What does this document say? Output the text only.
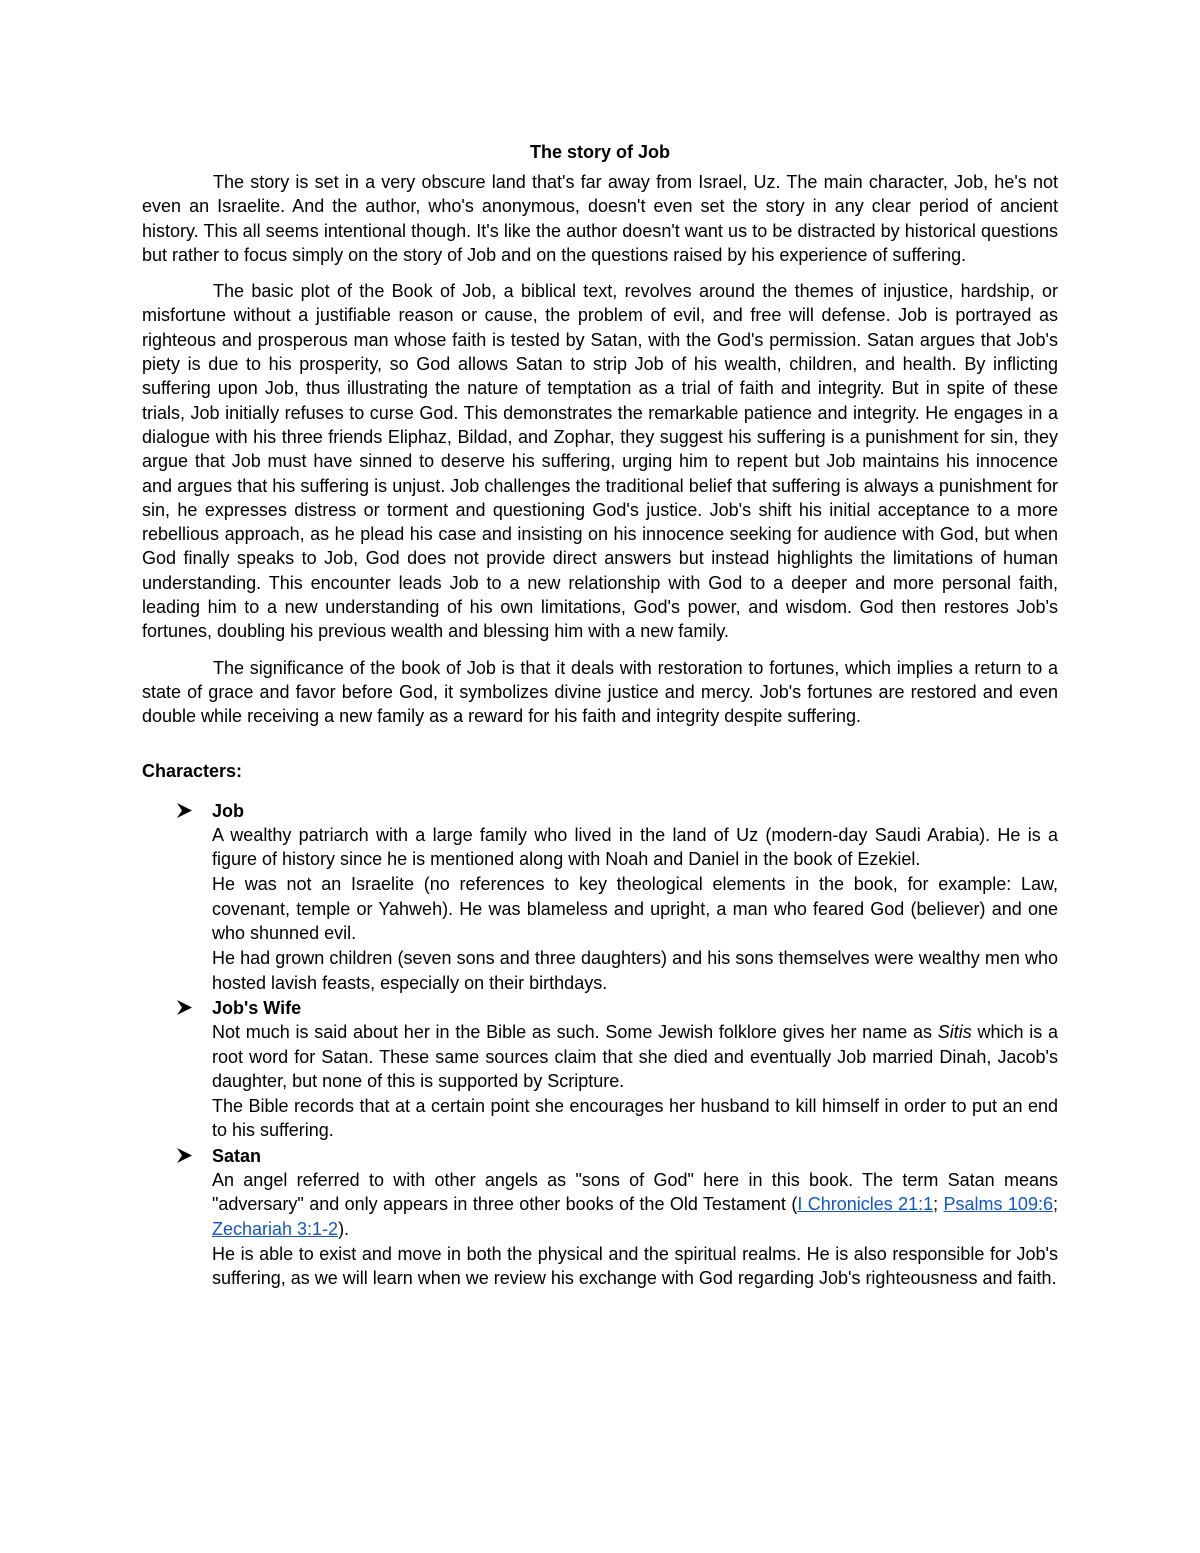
The story of Job

The story is set in a very obscure land that's far away from Israel, Uz. The main character, Job, he's not even an Israelite. And the author, who's anonymous, doesn't even set the story in any clear period of ancient history. This all seems intentional though. It's like the author doesn't want us to be distracted by historical questions but rather to focus simply on the story of Job and on the questions raised by his experience of suffering.

The basic plot of the Book of Job, a biblical text, revolves around the themes of injustice, hardship, or misfortune without a justifiable reason or cause, the problem of evil, and free will defense. Job is portrayed as righteous and prosperous man whose faith is tested by Satan, with the God's permission. Satan argues that Job's piety is due to his prosperity, so God allows Satan to strip Job of his wealth, children, and health. By inflicting suffering upon Job, thus illustrating the nature of temptation as a trial of faith and integrity. But in spite of these trials, Job initially refuses to curse God. This demonstrates the remarkable patience and integrity. He engages in a dialogue with his three friends Eliphaz, Bildad, and Zophar, they suggest his suffering is a punishment for sin, they argue that Job must have sinned to deserve his suffering, urging him to repent but Job maintains his innocence and argues that his suffering is unjust. Job challenges the traditional belief that suffering is always a punishment for sin, he expresses distress or torment and questioning God's justice. Job's shift his initial acceptance to a more rebellious approach, as he plead his case and insisting on his innocence seeking for audience with God, but when God finally speaks to Job, God does not provide direct answers but instead highlights the limitations of human understanding. This encounter leads Job to a new relationship with God to a deeper and more personal faith, leading him to a new understanding of his own limitations, God's power, and wisdom. God then restores Job's fortunes, doubling his previous wealth and blessing him with a new family.

The significance of the book of Job is that it deals with restoration to fortunes, which implies a return to a state of grace and favor before God, it symbolizes divine justice and mercy. Job's fortunes are restored and even double while receiving a new family as a reward for his faith and integrity despite suffering.

Characters:
Job
A wealthy patriarch with a large family who lived in the land of Uz (modern-day Saudi Arabia). He is a figure of history since he is mentioned along with Noah and Daniel in the book of Ezekiel.
He was not an Israelite (no references to key theological elements in the book, for example: Law, covenant, temple or Yahweh). He was blameless and upright, a man who feared God (believer) and one who shunned evil.
He had grown children (seven sons and three daughters) and his sons themselves were wealthy men who hosted lavish feasts, especially on their birthdays.
Job's Wife
Not much is said about her in the Bible as such. Some Jewish folklore gives her name as Sitis which is a root word for Satan. These same sources claim that she died and eventually Job married Dinah, Jacob's daughter, but none of this is supported by Scripture.
The Bible records that at a certain point she encourages her husband to kill himself in order to put an end to his suffering.
Satan
An angel referred to with other angels as "sons of God" here in this book. The term Satan means "adversary" and only appears in three other books of the Old Testament (I Chronicles 21:1; Psalms 109:6; Zechariah 3:1-2).
He is able to exist and move in both the physical and the spiritual realms. He is also responsible for Job's suffering, as we will learn when we review his exchange with God regarding Job's righteousness and faith.
